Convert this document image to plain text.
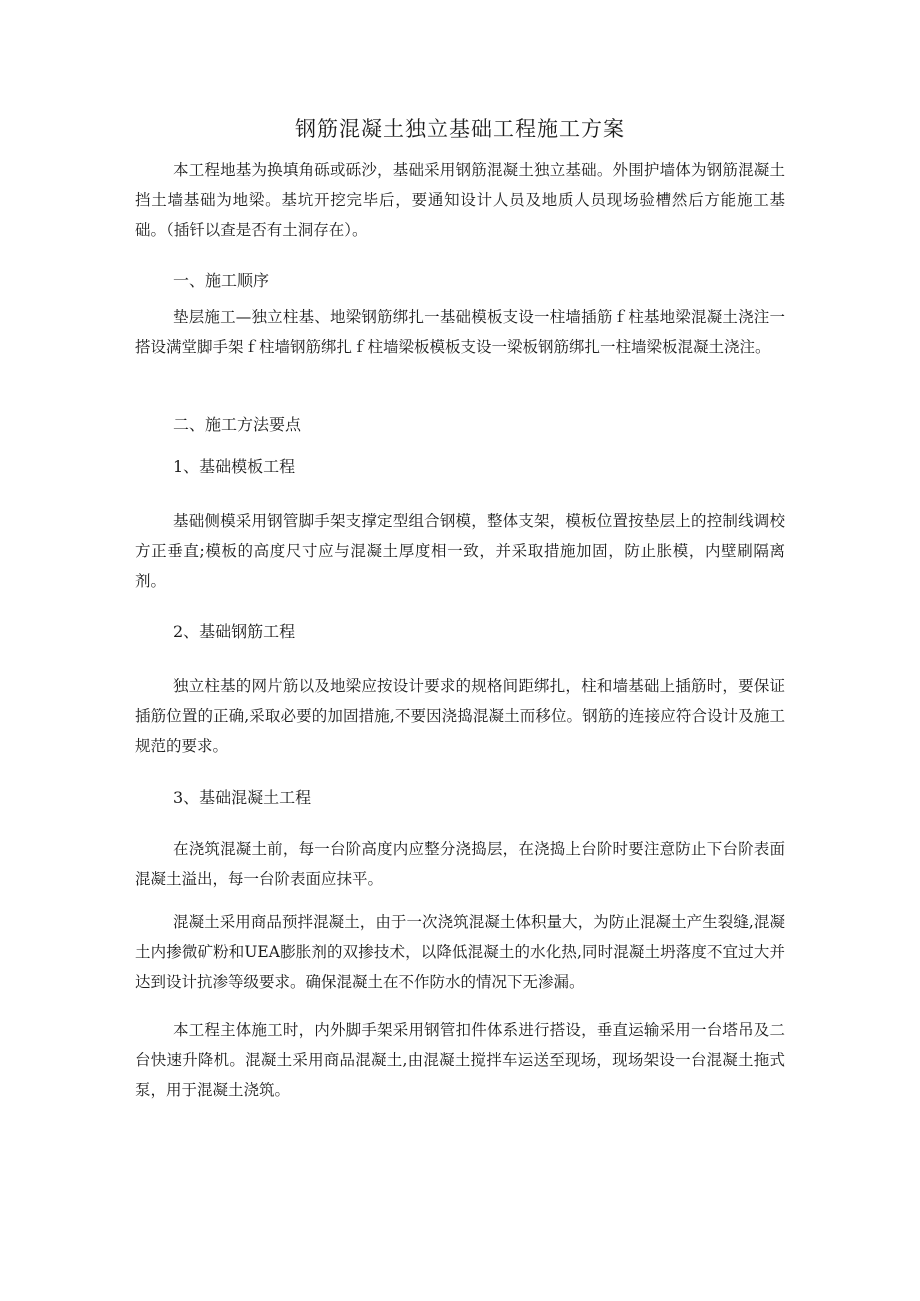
钢筋混凝土独立基础工程施工方案

本工程地基为换填角砾或砾沙，基础采用钢筋混凝土独立基础。外围护墙体为钢筋混凝土挡土墙基础为地梁。基坑开挖完毕后，要通知设计人员及地质人员现场验槽然后方能施工基础。（插钎以查是否有土洞存在）。

一、施工顺序

垫层施工—独立柱基、地梁钢筋绑扎一基础模板支设一柱墙插筋ｆ柱基地梁混凝土浇注一搭设满堂脚手架ｆ柱墙钢筋绑扎ｆ柱墙梁板模板支设一梁板钢筋绑扎一柱墙梁板混凝土浇注。

二、施工方法要点

1、基础模板工程

基础侧模采用钢管脚手架支撑定型组合钢模，整体支架，模板位置按垫层上的控制线调校方正垂直;模板的高度尺寸应与混凝土厚度相一致，并采取措施加固，防止胀模，内壁刷隔离剂。

2、基础钢筋工程

独立柱基的网片筋以及地梁应按设计要求的规格间距绑扎，柱和墙基础上插筋时，要保证插筋位置的正确,采取必要的加固措施,不要因浇捣混凝土而移位。钢筋的连接应符合设计及施工规范的要求。

3、基础混凝土工程

在浇筑混凝土前，每一台阶高度内应整分浇捣层，在浇捣上台阶时要注意防止下台阶表面混凝土溢出，每一台阶表面应抹平。

混凝土采用商品预拌混凝土，由于一次浇筑混凝土体积量大，为防止混凝土产生裂缝,混凝土内掺微矿粉和UEA膨胀剂的双掺技术，以降低混凝土的水化热,同时混凝土坍落度不宜过大并达到设计抗渗等级要求。确保混凝土在不作防水的情况下无渗漏。

本工程主体施工时，内外脚手架采用钢管扣件体系进行搭设，垂直运输采用一台塔吊及二台快速升降机。混凝土采用商品混凝土,由混凝土搅拌车运送至现场，现场架设一台混凝土拖式泵，用于混凝土浇筑。
